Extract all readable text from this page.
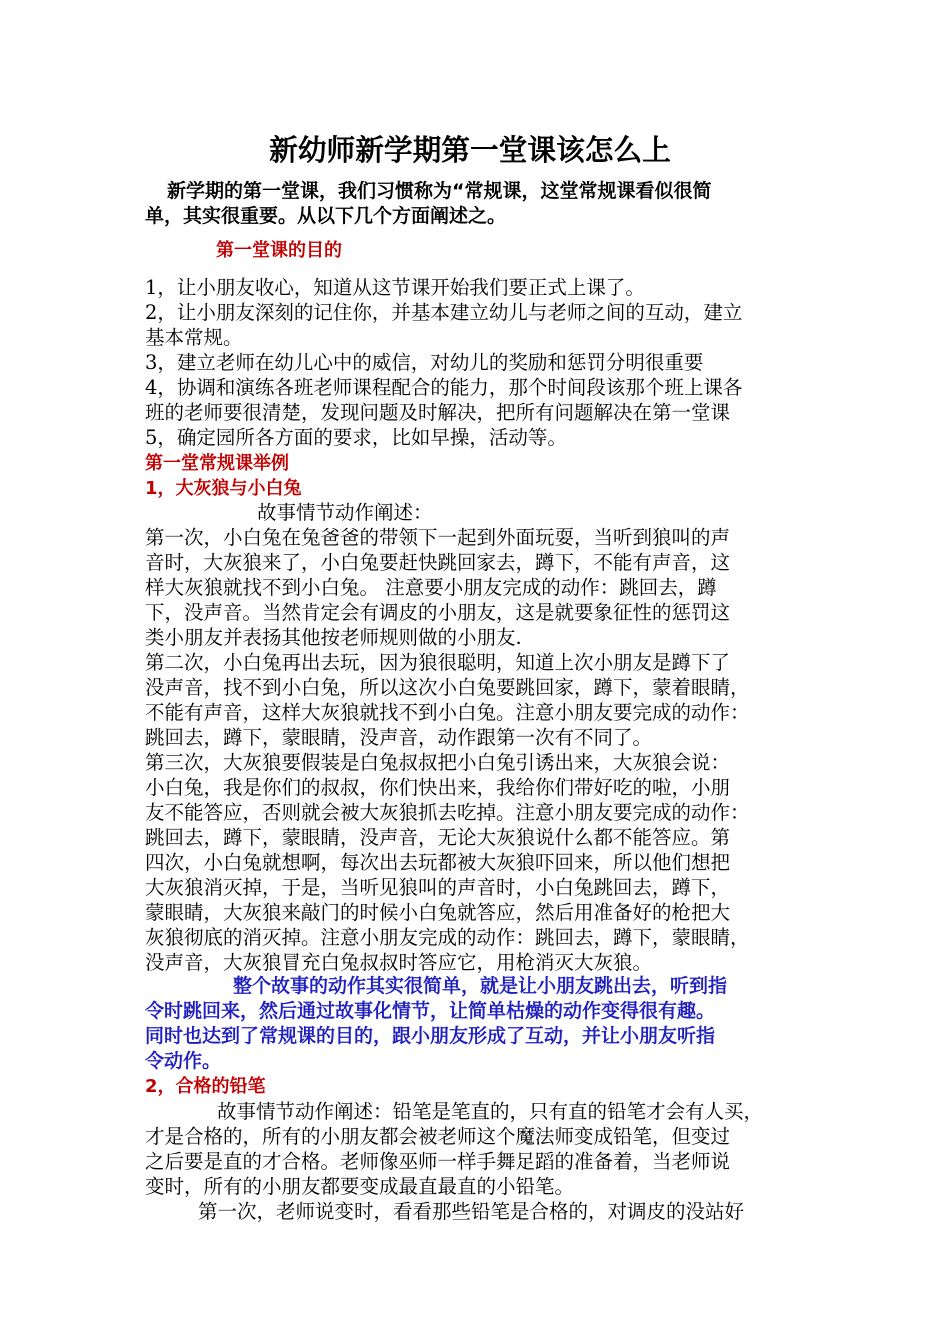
新幼师新学期第一堂课该怎么上

新学期的第一堂课，我们习惯称为“常规课，这堂常规课看似很简

单，其实很重要。从以下几个方面阐述之。

第一堂课的目的

1，让小朋友收心，知道从这节课开始我们要正式上课了。

2，让小朋友深刻的记住你，并基本建立幼儿与老师之间的互动，建立

基本常规。

3，建立老师在幼儿心中的威信，对幼儿的奖励和惩罚分明很重要

4，协调和演练各班老师课程配合的能力，那个时间段该那个班上课各

班的老师要很清楚，发现问题及时解决，把所有问题解决在第一堂课

5，确定园所各方面的要求，比如早操，活动等。

第一堂常规课举例

1，大灰狼与小白兔

故事情节动作阐述：

第一次，小白兔在兔爸爸的带领下一起到外面玩耍，当听到狼叫的声

音时，大灰狼来了，小白兔要赶快跳回家去，蹲下，不能有声音，这

样大灰狼就找不到小白兔。 注意要小朋友完成的动作：跳回去，蹲

下，没声音。当然肯定会有调皮的小朋友，这是就要象征性的惩罚这

类小朋友并表扬其他按老师规则做的小朋友.

第二次，小白兔再出去玩，因为狼很聪明，知道上次小朋友是蹲下了

没声音，找不到小白兔，所以这次小白兔要跳回家，蹲下，蒙着眼睛，

不能有声音，这样大灰狼就找不到小白兔。注意小朋友要完成的动作：

跳回去，蹲下，蒙眼睛，没声音，动作跟第一次有不同了。

第三次，大灰狼要假装是白兔叔叔把小白兔引诱出来，大灰狼会说：

小白兔，我是你们的叔叔，你们快出来，我给你们带好吃的啦，小朋

友不能答应，否则就会被大灰狼抓去吃掉。注意小朋友要完成的动作：

跳回去，蹲下，蒙眼睛，没声音，无论大灰狼说什么都不能答应。第

四次，小白兔就想啊，每次出去玩都被大灰狼吓回来，所以他们想把

大灰狼消灭掉，于是，当听见狼叫的声音时，小白兔跳回去，蹲下，

蒙眼睛，大灰狼来敲门的时候小白兔就答应，然后用准备好的枪把大

灰狼彻底的消灭掉。注意小朋友完成的动作：跳回去，蹲下，蒙眼睛，

没声音，大灰狼冒充白兔叔叔时答应它，用枪消灭大灰狼。

整个故事的动作其实很简单，就是让小朋友跳出去，听到指

令时跳回来，然后通过故事化情节，让简单枯燥的动作变得很有趣。

同时也达到了常规课的目的，跟小朋友形成了互动，并让小朋友听指

令动作。

2，合格的铅笔

故事情节动作阐述：铅笔是笔直的，只有直的铅笔才会有人买，

才是合格的，所有的小朋友都会被老师这个魔法师变成铅笔，但变过

之后要是直的才合格。老师像巫师一样手舞足蹈的准备着，当老师说

变时，所有的小朋友都要变成最直最直的小铅笔。

第一次，老师说变时，看看那些铅笔是合格的，对调皮的没站好
